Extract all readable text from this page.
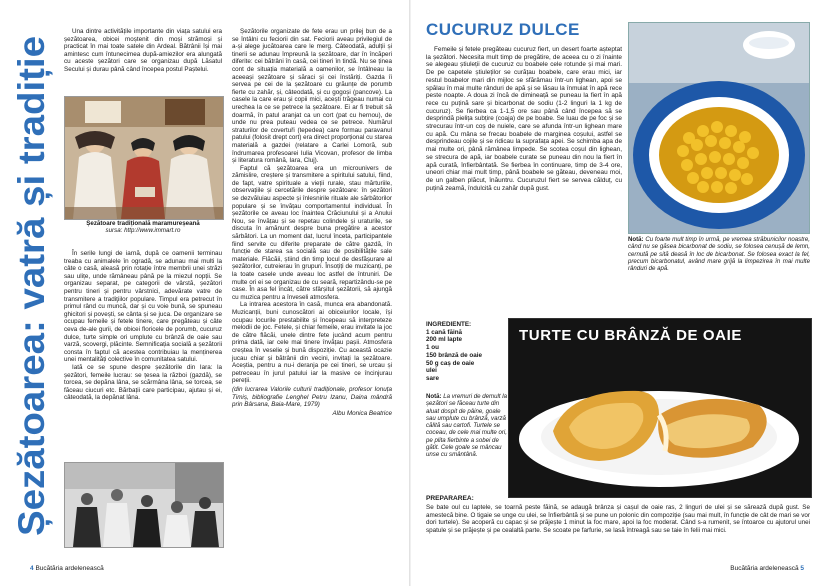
Șezătoarea: vatră și tradiție

Una dintre activitățile importante din viața satului era șezătoarea, obicei moștenit din moși strămoși și practicat în mai toate satele din Ardeal. Bătrânii își mai amintesc cum întunecimea după-amiezilor era alungată cu aceste șezători care se organizau după Lăsatul Secului și durau până când începea postul Paștelui.

Șezătoare tradițională maramureșeană
sursa: http://www.immart.ro

În serile lungi de iarnă, după ce oamenii terminau treaba cu animalele în ogradă, se adunau mai multi la câte o casă, aleasă prin rotație între membrii unei străzi sau ulițe, unde rămâneau până pe la miezul nopții. Se organizau separat, pe categorii de vârstă, șezători pentru tineri și pentru vârstnici, adevărate vatre de transmitere a tradiţiilor populare. Timpul era petrecut în primul rând cu muncă, dar și cu voie bună, se spuneau ghicitori și povești, se cânta și se juca. De organizare se ocupau femeile și fetele tinere, care pregăteau și câte ceva de-ale gurii, de obicei floricele de porumb, cucuruz dulce, turte simple ori umplute cu brânză de oaie sau varză, scovergi, plăcinte. Semnificația socială a șezătorii consta în faptul că acestea contribuiau la menținerea unei mentalități colective în comunitatea satului.

Iată ce se spune despre șezătorile din Iara: la șezători, femeile lucrau: se țesea la război (gazdă), se torcea, se depăna lâna, se scărmâna lâna, se torcea, se făceau ciucuri etc. Bărbații care participau, ajutau și ei, câteodată, la depănat lâna.

Șezătorile organizate de fete erau un prilej bun de a se întâlni cu feciorii din sat. Feciorii aveau privilegiul de a-și alege jucătoarea care le merg. Câteodată, adulții și tinerii se adunau împreună la șezătoare, dar în încăperi diferite: cei bătrâni în casă, cei tineri în tindă. Nu se ținea cont de situația materială a oamenilor, se întâlneau la aceeași șezătoare și săraci și cei înstăriți. Gazda îi servea pe cei de la șezătoare cu grăunțe de porumb fierte cu zahăr, și, câteodată, și cu gogoși (pancove). La casele la care erau și copii mici, acești trăgeau numai cu urechea la ce se petrece la șezătoare. Ei ar fi trebuit să doarmă, în patul aranjat ca un cort (pat cu hernou), de unde nu prea puteau vedea ce se petrece. Numărul straturilor de covertuři (tepedea) care formau paravanul patului (folosit drept cort) era direct proporțional cu starea materială a gazdei (relatare a Carlei Lomoră, sub îndrumarea profesoarei Iulia Vicovan, profesor de limba și literatura română, Iara, Cluj).

Faptul că șezătoarea era un microunivers de zămislire, creștere și transmitere a spiritului satului, fiind, de fapt, vatre spirituale a vieții rurale, stau mărturiile, observațiile și cercetările despre șezătoare: în șezători se dezvăluiau aspecte și înlesnirile rituale ale sărbătorilor populare și se învățau comportamentul individual. În șezătorile ce aveau loc înaintea Crăciunului și a Anului Nou, se învățau și se repetau colindele și uraturile, se discuta în amănunt despre buna pregătire a acestor sărbători. La un moment dat, lucrul înceta, participantele fiind servite cu diferite preparate de către gazdă, în funcție de starea sa socială sau de posibilitățile sale materiale. Flăcăii, știind din timp locul de desfășurare al șezătorilor, cutreierau în grupuri. Însoțiți de muzicanți, pe la toate casele unde aveau loc astfel de întruniri. De multe ori ei se organizau de cu seară, repartizându-se pe case. În asa fel încât, către sfârșitul șezătorii, să ajungă cu muzica pentru a înveseli atmosfera.

La intrarea acestora în casă, munca era abandonată. Muzicanții, buni cunoscători ai obiceiurilor locale, își ocupau locurile prestabilite și începeau să interpreteze melodii de joc. Fetele, și chiar femeile, erau invitate la joc de către flăcăi, unele dintre fete jucând acum pentru prima dată, iar cele mai tinere învățau pașii. Atmosfera creștea în veselie și bună dispoziție. Cu această ocazie jucau chiar și bătrânii din vecini, invitați la șezătoare. Aceștia, pentru a nu-i deranja pe cei tineri, se urcau și petreceau în jurul patului iar la masive ce încinjurau pereții.

(din lucrarea Valorile culturii tradiționale, profesor Ionuța Timiș, bibliografie Lenghel Petru Izanu, Daina mândră prin Bârsana, Baia-Mare, 1979)

Albu Monica Beatrice

4 Bucătăria ardelenească
CUCURUZ DULCE

Femeile și fetele pregăteau cucuruz fiert, un desert foarte așteptat la șezători. Necesita mult timp de pregătire, de aceea cu o zi înainte se alegeau știuleții de cucuruz cu boabele cele rotunde și mai mari. De pe capetele știuleților se curățau boabele, care erau mici, iar restul boabelor mari din mijloc se sfărâmau într-un lighean, apoi se spălau în mai multe rânduri de apă și se lăsau la înmuiat în apă rece peste noapte. A doua zi încă de dimineață se puneau la fiert în apă rece cu puțină sare și bicarbonat de sodiu (1-2 linguri la 1 kg de cucuruz). Se fierbea ca 1-1,5 ore sau până când începea să se desprindă pielița subțire (coaja) de pe boabe. Se luau de pe foc și se strecurau într-un coș de nuiele, care se afunda într-un lighean mare cu apă. Cu mâna se frecau boabele de marginea coșului, astfel se desprindeau cojile și se ridicau la suprafața apei. Se schimba apa de mai multe ori, până rămânea limpede. Se scotea coșul din lighean, se strecura de apă, iar boabele curate se puneau din nou la fiert în apă curată, înfierbântată. Se fierbea în continuare, timp de 3-4 ore, uneori chiar mai mult timp, până boabele se găteau, deveneau moi, de un galben plăcut, înăuntru. Cucuruzul fiert se servea călduț, cu puțină zeamă, îndulcită cu zahăr după gust.

Notă: Cu foarte mult timp în urmă, pe vremea străbunicilor noastre, când nu se găsea bicarbonat de sodiu, se folosea cenușă de lemn, cernută pe sită deasă în loc de bicarbonat. Se folosea exact la fel, precum bicarbonatul, având mare grijă la limpezirea în mai multe rânduri de apă.
INGREDIENTE:
1 cană făină
200 ml lapte
1 ou
150 brânză de oaie
50 g caș de oaie
ulei
sare
Notă: La vremuri de demult la șezători se făceau turte din aluat dospit de pâine, goale sau umplute cu brânză, varză călită sau cartofi. Turtele se coceau, de cele mai multe ori, pe plita fierbinte a sobei de gătit. Cele goale se mâncau unse cu smântână.
TURTE CU BRÂNZĂ DE OAIE
PREPARAREA:

Se bate oul cu laptele, se toarnă peste făină, se adaugă brânza și cașul de oaie ras, 2 linguri de ulei și se sărează după gust. Se amestecă bine. O tigaie se unge cu ulei, se înfierbântă și se pune un polonic din compoziție (sau mai mult, în funcție de cât de mari se vor dori turtele). Se acoperă cu capac și se prăjește 1 minut la foc mare, apoi la foc moderat. Când s-a rumenit, se întoarce cu ajutorul unei spatule și se prăjește și pe cealaltă parte. Se scoate pe farfurie, se lasă întreagă sau se taie în felii mai mici.

Bucătăria ardelenească 5
